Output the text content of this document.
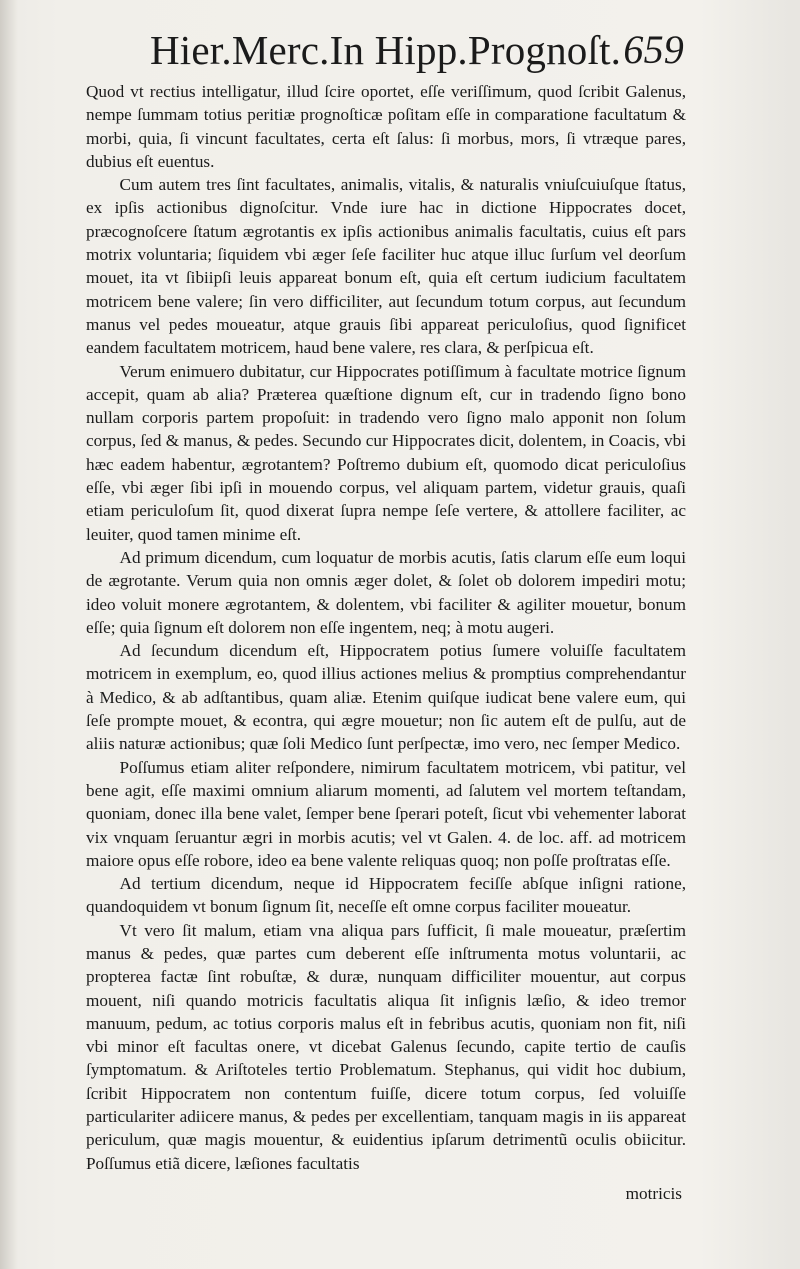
Hier.Merc.In Hipp.Prognoſt. 659

Quod vt rectius intelligatur, illud ſcire oportet, eſſe veriſſimum, quod ſcribit Galenus, nempe ſummam totius peritiæ prognoſticæ poſitam eſſe in comparatione facultatum & morbi, quia, ſi vincunt facultates, certa eſt ſalus: ſi morbus, mors, ſi vtræque pares, dubius eſt euentus.

Cum autem tres ſint facultates, animalis, vitalis, & naturalis vniuſcuiuſque ſtatus, ex ipſis actionibus dignoſcitur. Vnde iure hac in dictione Hippocrates docet, præcognoſcere ſtatum ægrotantis ex ipſis actionibus animalis facultatis, cuius eſt pars motrix voluntaria; ſiquidem vbi æger ſeſe faciliter huc atque illuc ſurſum vel deorſum mouet, ita vt ſibiipſi leuis appareat bonum eſt, quia eſt certum iudicium facultatem motricem bene valere; ſin vero difficiliter, aut ſecundum totum corpus, aut ſecundum manus vel pedes moueatur, atque grauis ſibi appareat periculoſius, quod ſignificet eandem facultatem motricem, haud bene valere, res clara, & perſpicua eſt.

Verum enimuero dubitatur, cur Hippocrates potiſſimum à facultate motrice ſignum accepit, quam ab alia? Præterea quæſtione dignum eſt, cur in tradendo ſigno bono nullam corporis partem propoſuit: in tradendo vero ſigno malo apponit non ſolum corpus, ſed & manus, & pedes. Secundo cur Hippocrates dicit, dolentem, in Coacis, vbi hæc eadem habentur, ægrotantem? Poſtremo dubium eſt, quomodo dicat periculoſius eſſe, vbi æger ſibi ipſi in mouendo corpus, vel aliquam partem, videtur grauis, quaſi etiam periculoſum ſit, quod dixerat ſupra nempe ſeſe vertere, & attollere faciliter, ac leuiter, quod tamen minime eſt.

Ad primum dicendum, cum loquatur de morbis acutis, ſatis clarum eſſe eum loqui de ægrotante. Verum quia non omnis æger dolet, & ſolet ob dolorem impediri motu; ideo voluit monere ægrotantem, & dolentem, vbi faciliter & agiliter mouetur, bonum eſſe; quia ſignum eſt dolorem non eſſe ingentem, neq; à motu augeri.

Ad ſecundum dicendum eſt, Hippocratem potius ſumere voluiſſe facultatem motricem in exemplum, eo, quod illius actiones melius & promptius comprehendantur à Medico, & ab adſtantibus, quam aliæ. Etenim quiſque iudicat bene valere eum, qui ſeſe prompte mouet, & econtra, qui ægre mouetur; non ſic autem eſt de pulſu, aut de aliis naturæ actionibus; quæ ſoli Medico ſunt perſpectæ, imo vero, nec ſemper Medico.

Poſſumus etiam aliter reſpondere, nimirum facultatem motricem, vbi patitur, vel bene agit, eſſe maximi omnium aliarum momenti, ad ſalutem vel mortem teſtandam, quoniam, donec illa bene valet, ſemper bene ſperari poteſt, ſicut vbi vehementer laborat vix vnquam ſeruantur ægri in morbis acutis; vel vt Galen. 4. de loc. aff. ad motricem maiore opus eſſe robore, ideo ea bene valente reliquas quoq; non poſſe proſtratas eſſe.

Ad tertium dicendum, neque id Hippocratem feciſſe abſque inſigni ratione, quandoquidem vt bonum ſignum ſit, neceſſe eſt omne corpus faciliter moueatur.

Vt vero ſit malum, etiam vna aliqua pars ſufficit, ſi male moueatur, præſertim manus & pedes, quæ partes cum deberent eſſe inſtrumenta motus voluntarii, ac propterea factæ ſint robuſtæ, & duræ, nunquam difficiliter mouentur, aut corpus mouent, niſi quando motricis facultatis aliqua ſit inſignis læſio, & ideo tremor manuum, pedum, ac totius corporis malus eſt in febribus acutis, quoniam non fit, niſi vbi minor eſt facultas onere, vt dicebat Galenus ſecundo, capite tertio de cauſis ſymptomatum. & Ariſtoteles tertio Problematum. Stephanus, qui vidit hoc dubium, ſcribit Hippocratem non contentum fuiſſe, dicere totum corpus, ſed voluiſſe particulariter adiicere manus, & pedes per excellentiam, tanquam magis in iis appareat periculum, quæ magis mouentur, & euidentius ipſarum detrimentũ oculis obiicitur. Poſſumus etiã dicere, læſiones facultatis

motricis
